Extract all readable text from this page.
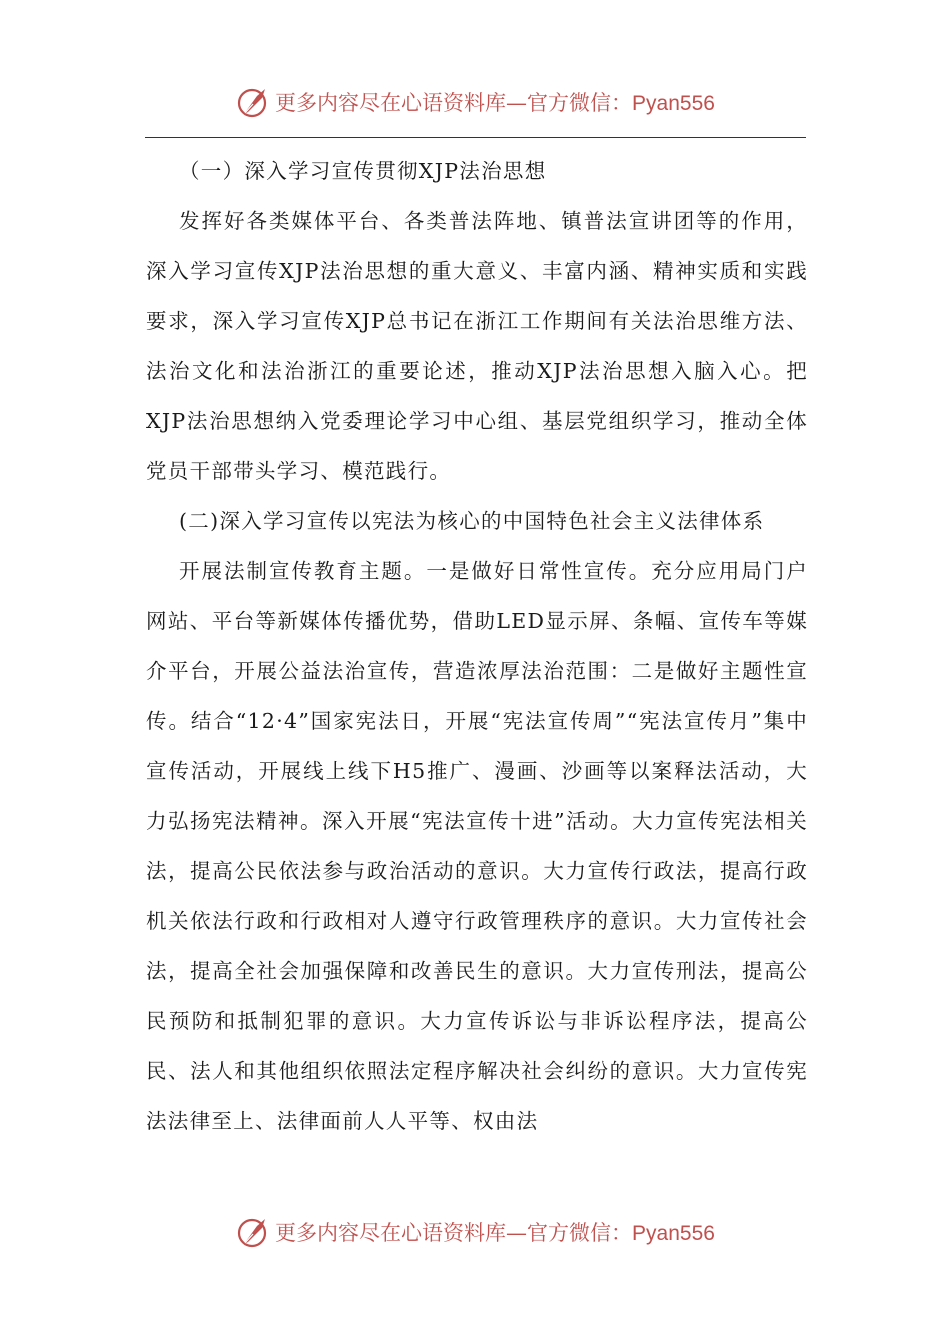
更多内容尽在心语资料库—官方微信：Pyan556

（一）深入学习宣传贯彻XJP法治思想

发挥好各类媒体平台、各类普法阵地、镇普法宣讲团等的作用，深入学习宣传XJP法治思想的重大意义、丰富内涵、精神实质和实践要求，深入学习宣传XJP总书记在浙江工作期间有关法治思维方法、法治文化和法治浙江的重要论述，推动XJP法治思想入脑入心。把XJP法治思想纳入党委理论学习中心组、基层党组织学习，推动全体党员干部带头学习、模范践行。

(二)深入学习宣传以宪法为核心的中国特色社会主义法律体系

开展法制宣传教育主题。一是做好日常性宣传。充分应用局门户网站、平台等新媒体传播优势，借助LED显示屏、条幅、宣传车等媒介平台，开展公益法治宣传，营造浓厚法治范围：二是做好主题性宣传。结合“12·4”国家宪法日，开展“宪法宣传周”“宪法宣传月”集中宣传活动，开展线上线下H5推广、漫画、沙画等以案释法活动，大力弘扬宪法精神。深入开展“宪法宣传十进”活动。大力宣传宪法相关法，提高公民依法参与政治活动的意识。大力宣传行政法，提高行政机关依法行政和行政相对人遵守行政管理秩序的意识。大力宣传社会法，提高全社会加强保障和改善民生的意识。大力宣传刑法，提高公民预防和抵制犯罪的意识。大力宣传诉讼与非诉讼程序法，提高公民、法人和其他组织依照法定程序解决社会纠纷的意识。大力宣传宪法法律至上、法律面前人人平等、权由法

更多内容尽在心语资料库—官方微信：Pyan556
